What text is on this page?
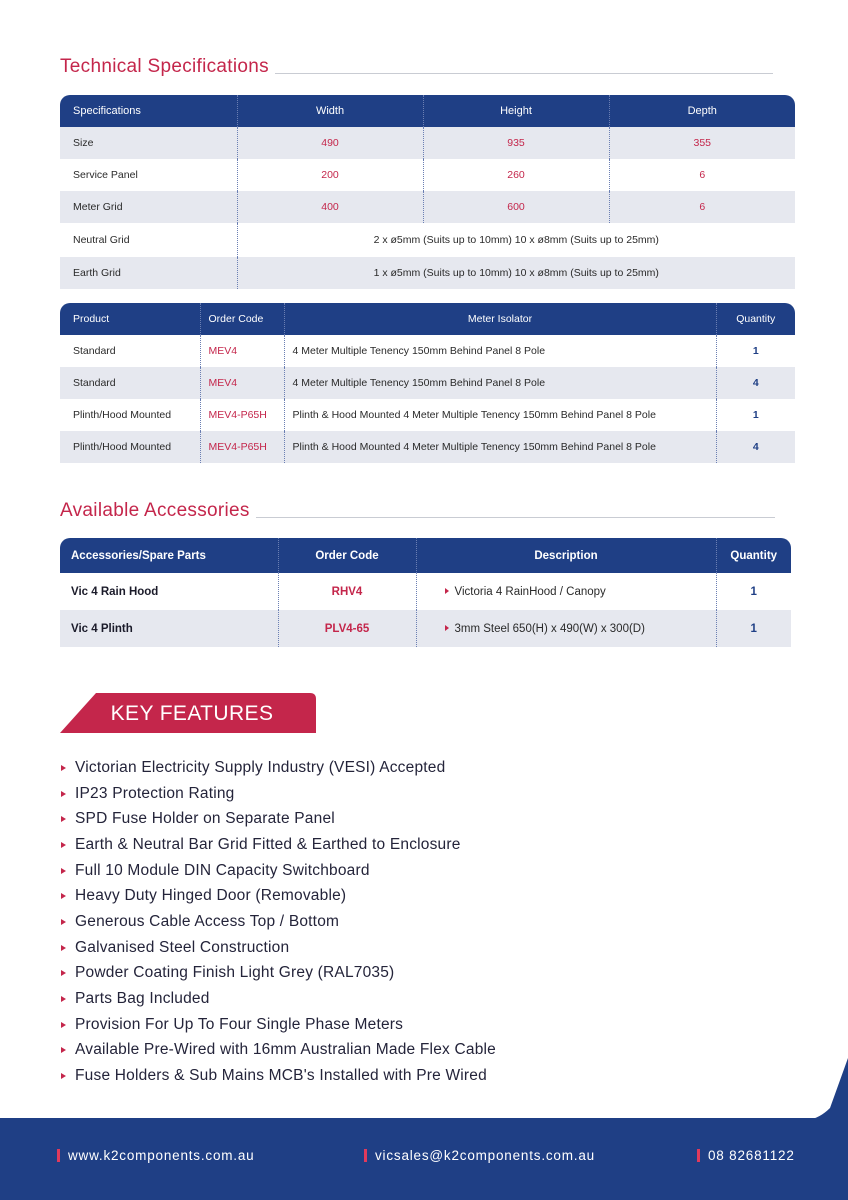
Technical Specifications
Specifications	Width	Height	Depth
Size	490	935	355
Service Panel	200	260	6
Meter Grid	400	600	6
Neutral Grid	2 x ø5mm (Suits up to 10mm) 10 x ø8mm (Suits up to 25mm)		
Earth Grid	1 x ø5mm (Suits up to 10mm) 10 x ø8mm (Suits up to 25mm)		
Product	Order Code	Meter Isolator	Quantity
Standard	MEV4	4 Meter Multiple Tenency 150mm Behind Panel 8 Pole	1
Standard	MEV4	4 Meter Multiple Tenency 150mm Behind Panel 8 Pole	4
Plinth/Hood Mounted	MEV4-P65H	Plinth & Hood Mounted 4 Meter Multiple Tenency 150mm Behind Panel 8 Pole	1
Plinth/Hood Mounted	MEV4-P65H	Plinth & Hood Mounted 4 Meter Multiple Tenency 150mm Behind Panel 8 Pole	4
Available Accessories
Accessories/Spare Parts	Order Code	Description	Quantity
Vic 4 Rain Hood	RHV4	Victoria 4 RainHood / Canopy	1
Vic 4 Plinth	PLV4-65	3mm Steel 650(H) x 490(W) x 300(D)	1
KEY FEATURES
Victorian Electricity Supply Industry (VESI) Accepted
IP23 Protection Rating
SPD Fuse Holder on Separate Panel
Earth & Neutral Bar Grid Fitted & Earthed to Enclosure
Full 10 Module DIN Capacity Switchboard
Heavy Duty Hinged Door (Removable)
Generous Cable Access Top / Bottom
Galvanised Steel Construction
Powder Coating Finish Light Grey (RAL7035)
Parts Bag Included
Provision For Up To Four Single Phase Meters
Available Pre-Wired with 16mm Australian Made Flex Cable
Fuse Holders & Sub Mains MCB's Installed with Pre Wired
www.k2components.com.au	vicsales@k2components.com.au	08 82681122
